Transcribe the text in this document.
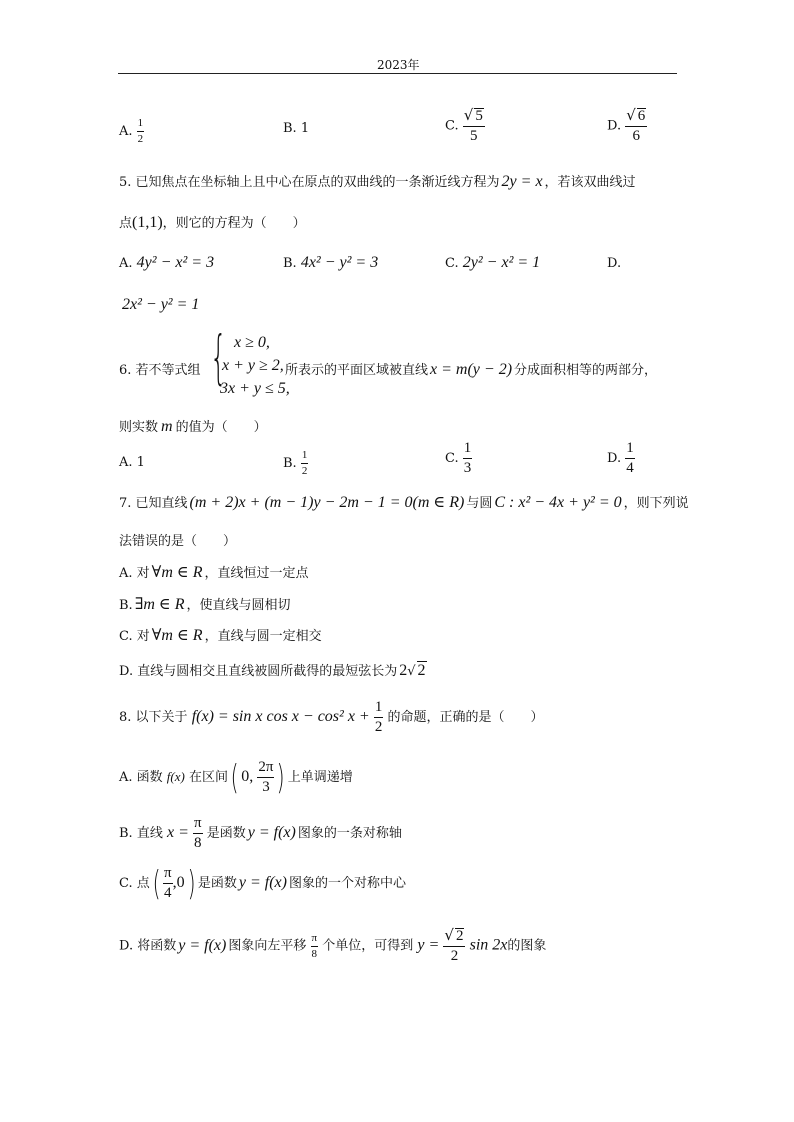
2023年
A. $\frac{1}{2}$	B. 1	C. $\frac{√ 5}{5}$	D. $\frac{√ 6}{6}$
5. 已知焦点在坐标轴上且中心在原点的双曲线的一条渐近线方程为 2y = x ，若该双曲线过
点(1,1)，则它的方程为（　　）
A. 4y² − x² = 3	B. 4x² − y² = 3	C. 2y² − x² = 1	D.
2x² − y² = 1
6. 若不等式组 { x ≥ 0,
x + y ≥ 2,
3x + y ≤ 5,
所表示的平面区域被直线 x = m(y − 2) 分成面积相等的两部分，
则实数 m 的值为（　　）
A. 1	B. $\frac{1}{2}$	C. $\frac{1}{3}$	D. $\frac{1}{4}$
7. 已知直线 (m + 2)x + (m − 1)y − 2m − 1 = 0(m ∈ R) 与圆 C : x² − 4x + y² = 0 ，则下列说
法错误的是（　　）
A. 对 ∀m ∈ R ，直线恒过一定点
B. ∃m ∈ R ，使直线与圆相切
C. 对 ∀m ∈ R ，直线与圆一定相交
D. 直线与圆相交且直线被圆所截得的最短弦长为 2√ 2
8. 以下关于 f(x) = sin x cos x − cos² $x + \frac{1}{2}$ 的命题，正确的是（　　）
A. 函数 f(x) 在区间( 0, $\frac{2\pi}{3}$ ) 上单调递增
B. 直线 $x = \frac{\pi}{8}$ 是函数 y = f(x) 图象的一条对称轴
C. 点( $\frac{\pi}{4} ,0$) 是函数 y = f(x) 图象的一个对称中心
D. 将函数 y = f(x) 图象向左平移 $\frac{\pi}{8}$ 个单位，可得到 $y = \frac{√ 2}{2}$ sin 2x的图象
